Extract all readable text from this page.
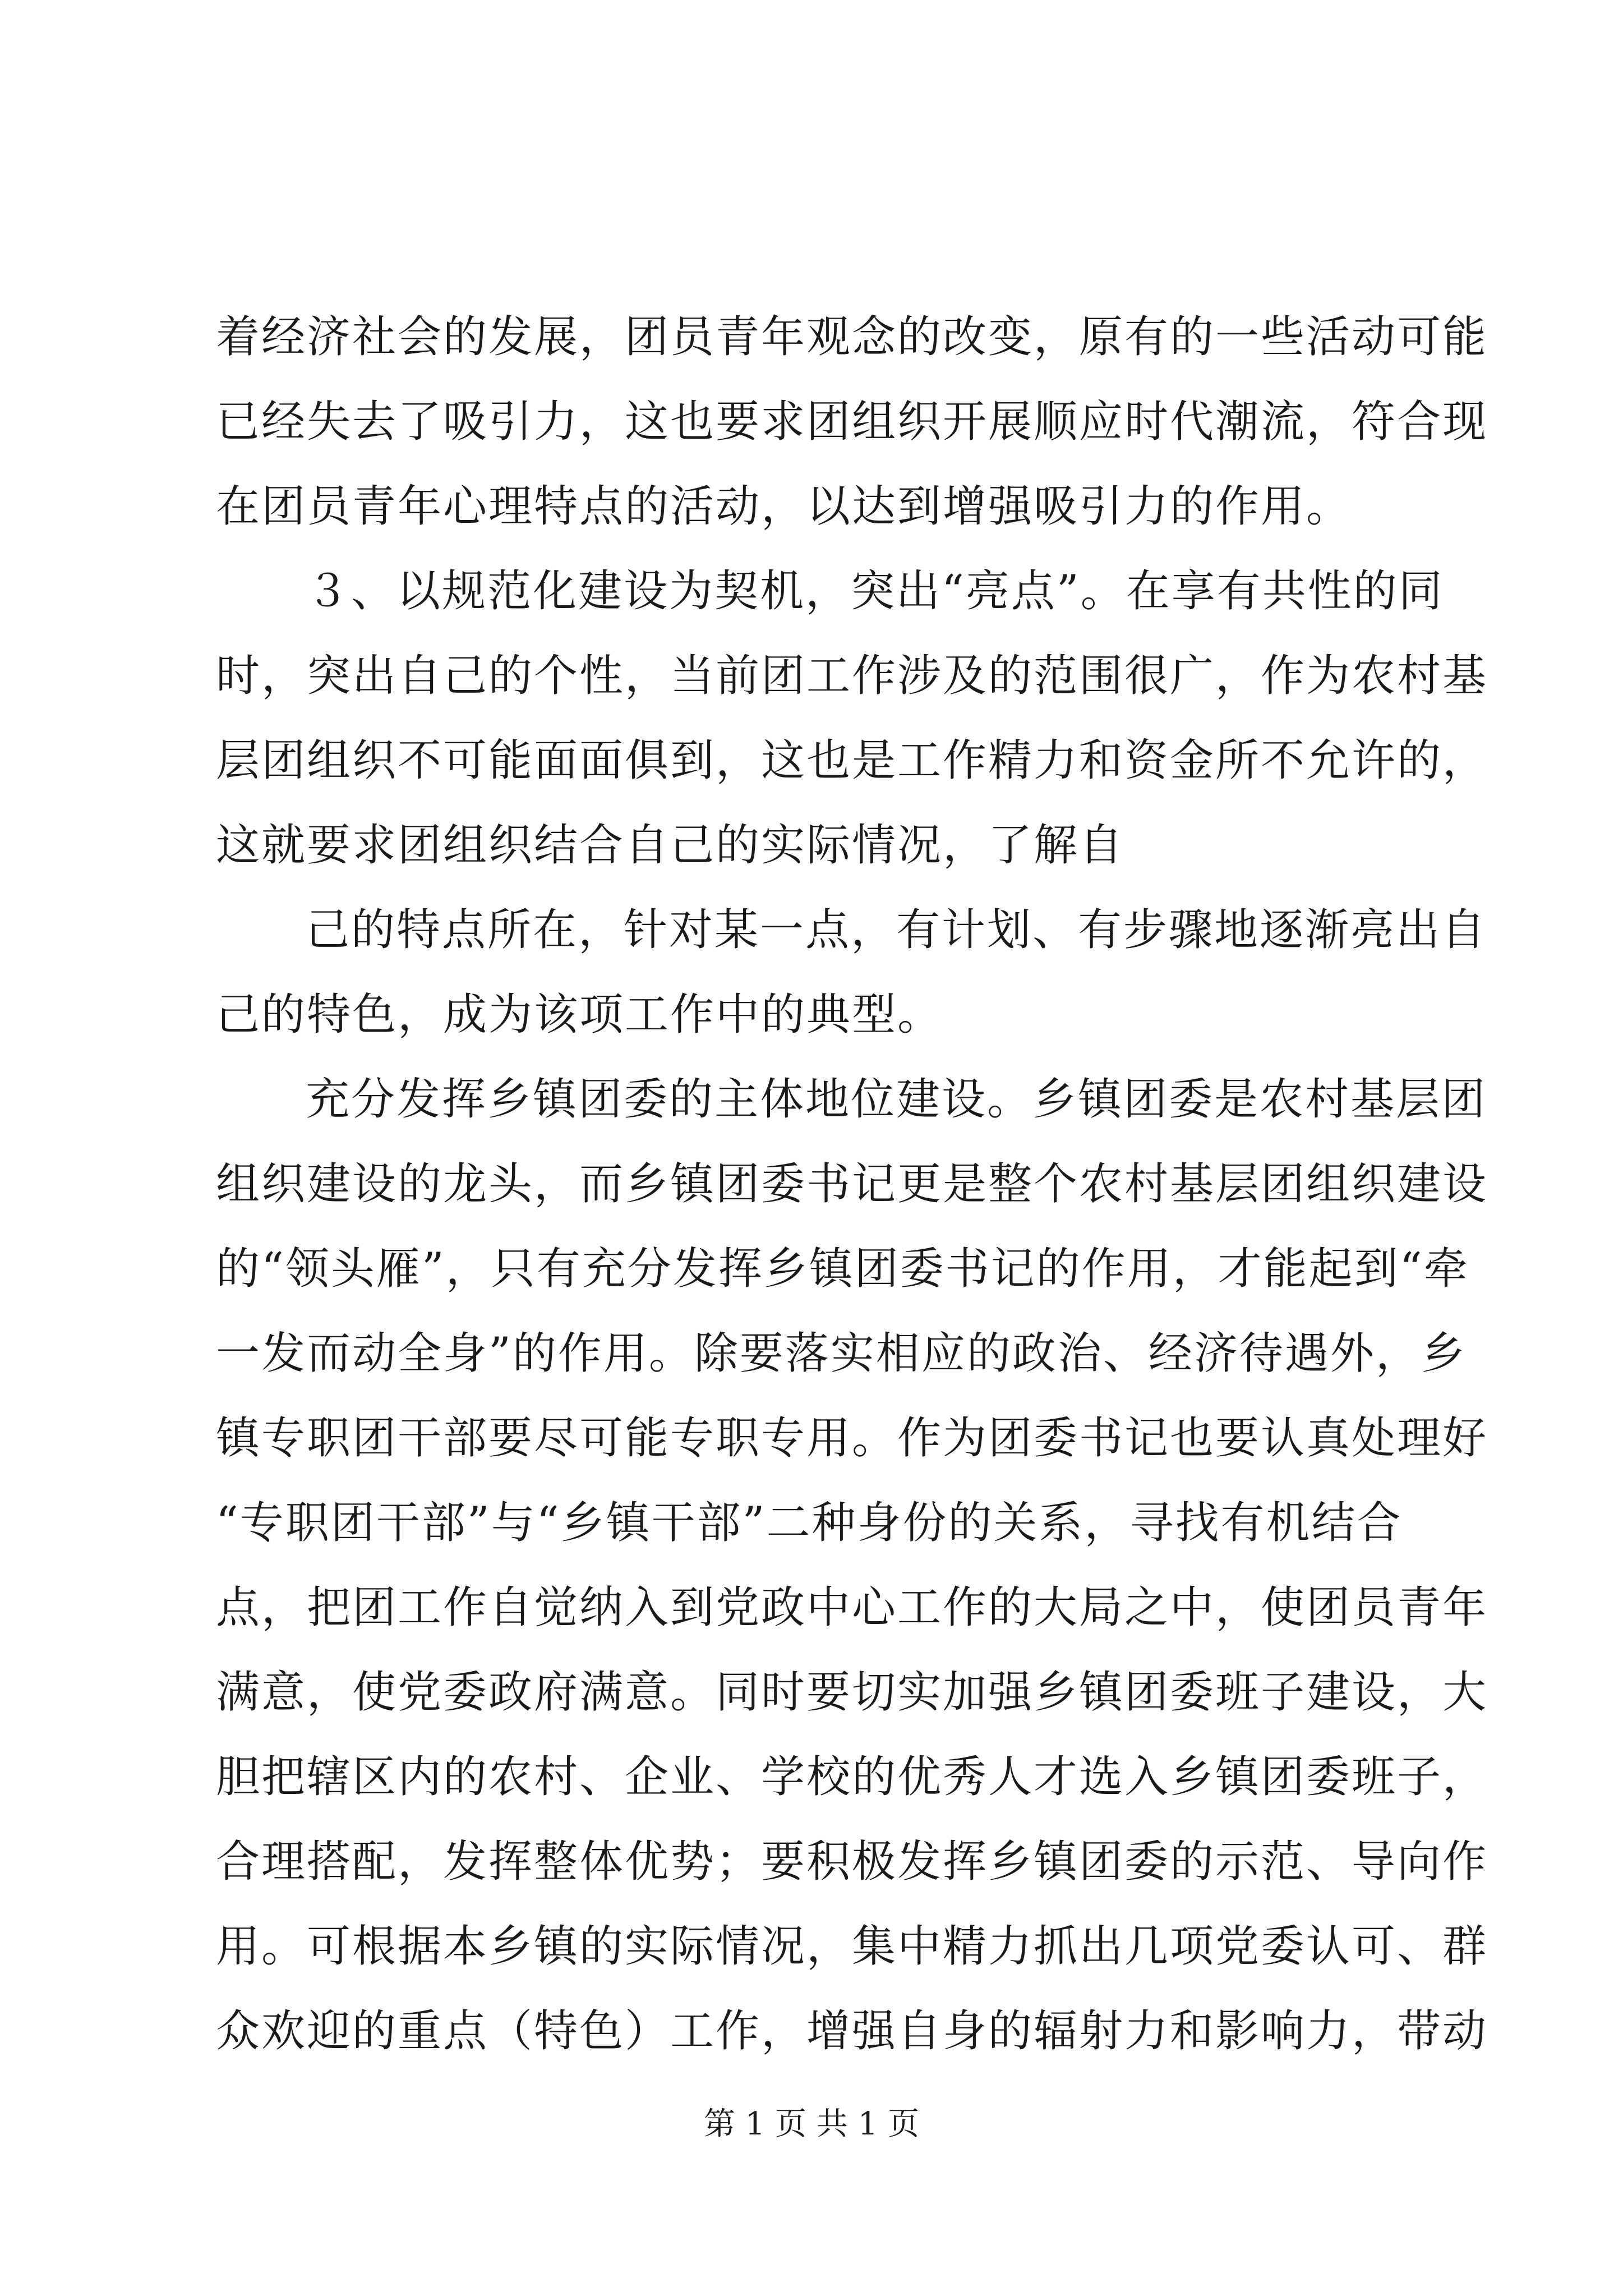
着经济社会的发展，团员青年观念的改变，原有的一些活动可能
已经失去了吸引力，这也要求团组织开展顺应时代潮流，符合现
在团员青年心理特点的活动，以达到增强吸引力的作用。
３、以规范化建设为契机，突出“亮点”。在享有共性的同
时，突出自己的个性，当前团工作涉及的范围很广，作为农村基
层团组织不可能面面俱到，这也是工作精力和资金所不允许的，
这就要求团组织结合自己的实际情况，了解自
己的特点所在，针对某一点，有计划、有步骤地逐渐亮出自
己的特色，成为该项工作中的典型。
充分发挥乡镇团委的主体地位建设。乡镇团委是农村基层团
组织建设的龙头，而乡镇团委书记更是整个农村基层团组织建设
的“领头雁”，只有充分发挥乡镇团委书记的作用，才能起到“牵
一发而动全身”的作用。除要落实相应的政治、经济待遇外，乡
镇专职团干部要尽可能专职专用。作为团委书记也要认真处理好
“专职团干部”与“乡镇干部”二种身份的关系，寻找有机结合
点，把团工作自觉纳入到党政中心工作的大局之中，使团员青年
满意，使党委政府满意。同时要切实加强乡镇团委班子建设，大
胆把辖区内的农村、企业、学校的优秀人才选入乡镇团委班子，
合理搭配，发挥整体优势；要积极发挥乡镇团委的示范、导向作
用。可根据本乡镇的实际情况，集中精力抓出几项党委认可、群
众欢迎的重点（特色）工作，增强自身的辐射力和影响力，带动
第 1 页 共 1 页
